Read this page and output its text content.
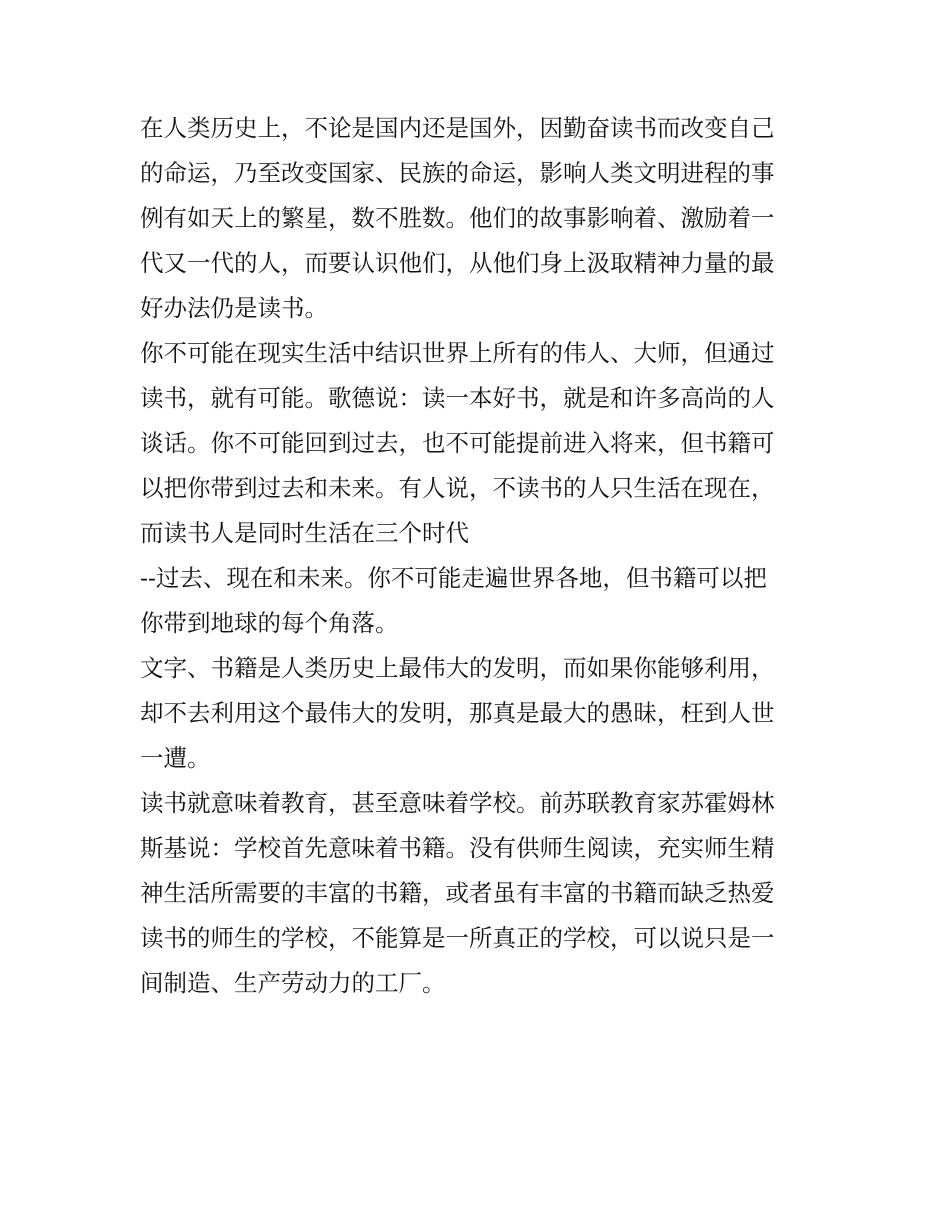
在人类历史上，不论是国内还是国外，因勤奋读书而改变自己

的命运，乃至改变国家、民族的命运，影响人类文明进程的事

例有如天上的繁星，数不胜数。他们的故事影响着、激励着一

代又一代的人，而要认识他们，从他们身上汲取精神力量的最

好办法仍是读书。

你不可能在现实生活中结识世界上所有的伟人、大师，但通过

读书，就有可能。歌德说：读一本好书，就是和许多高尚的人

谈话。你不可能回到过去，也不可能提前进入将来，但书籍可

以把你带到过去和未来。有人说，不读书的人只生活在现在，

而读书人是同时生活在三个时代

--过去、现在和未来。你不可能走遍世界各地，但书籍可以把

你带到地球的每个角落。

文字、书籍是人类历史上最伟大的发明，而如果你能够利用，

却不去利用这个最伟大的发明，那真是最大的愚昧，枉到人世

一遭。

读书就意味着教育，甚至意味着学校。前苏联教育家苏霍姆林

斯基说：学校首先意味着书籍。没有供师生阅读，充实师生精

神生活所需要的丰富的书籍，或者虽有丰富的书籍而缺乏热爱

读书的师生的学校，不能算是一所真正的学校，可以说只是一

间制造、生产劳动力的工厂。
